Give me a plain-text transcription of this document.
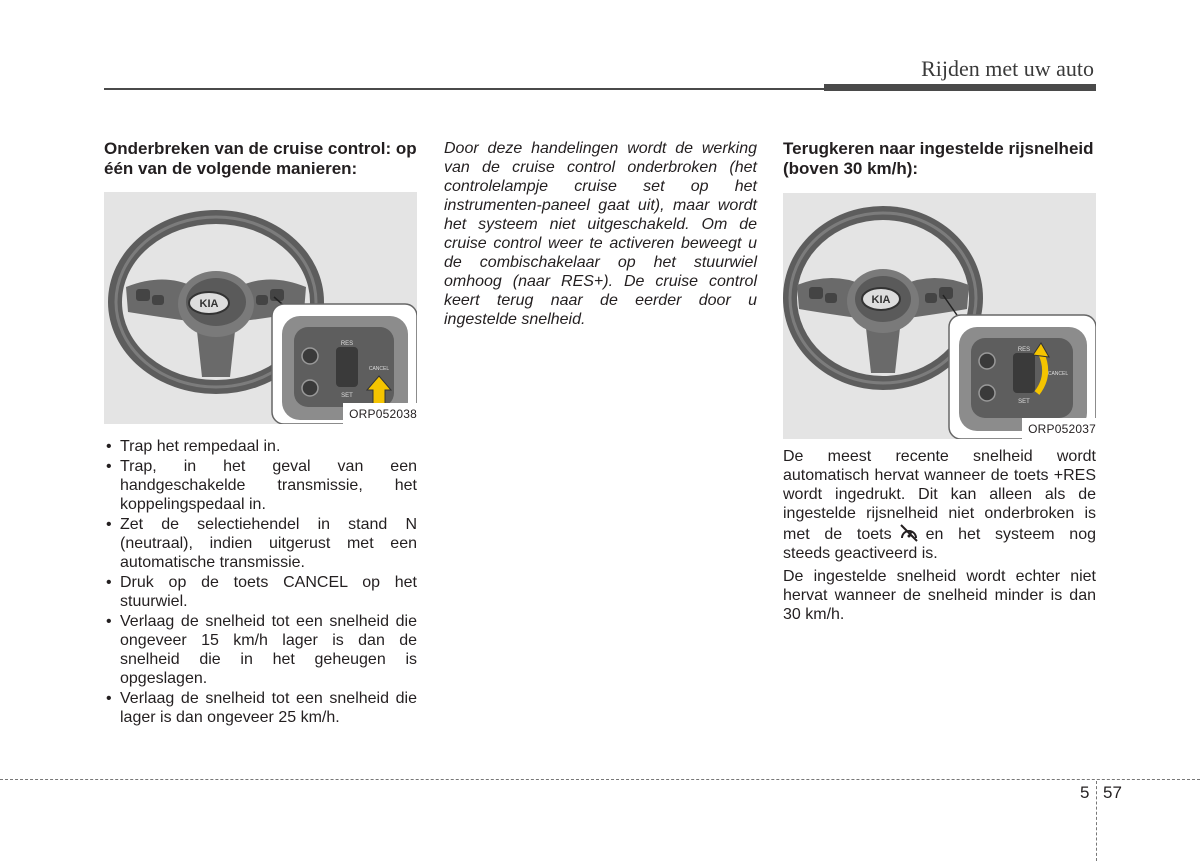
Rijden met uw auto
Onderbreken van de cruise control: op één van de volgende manieren:
KIA
RES
SET
CANCEL
ORP052038
• Trap het rempedaal in.
• Trap, in het geval van een handgeschakelde transmissie, het koppelingspedaal in.
• Zet de selectiehendel in stand N (neutraal), indien uitgerust met een automatische transmissie.
• Druk op de toets CANCEL op het stuurwiel.
• Verlaag de snelheid tot een snelheid die ongeveer 15 km/h lager is dan de snelheid die in het geheugen is opgeslagen.
• Verlaag de snelheid tot een snelheid die lager is dan ongeveer 25 km/h.

Door deze handelingen wordt de werking van de cruise control onderbroken (het controlelampje cruise set op het instrumenten-paneel gaat uit), maar wordt het systeem niet uitgeschakeld. Om de cruise control weer te activeren beweegt u de combischakelaar op het stuurwiel omhoog (naar RES+). De cruise control keert terug naar de eerder door u ingestelde snelheid.

Terugkeren naar ingestelde rijsnelheid (boven 30 km/h):
KIA
RES
SET
CANCEL
ORP052037

De meest recente snelheid wordt automatisch hervat wanneer de toets +RES wordt ingedrukt. Dit kan alleen als de ingestelde rijsnelheid niet onderbroken is met de toets en het systeem nog steeds geactiveerd is.

De ingestelde snelheid wordt echter niet hervat wanneer de snelheid minder is dan 30 km/h.

5 57
